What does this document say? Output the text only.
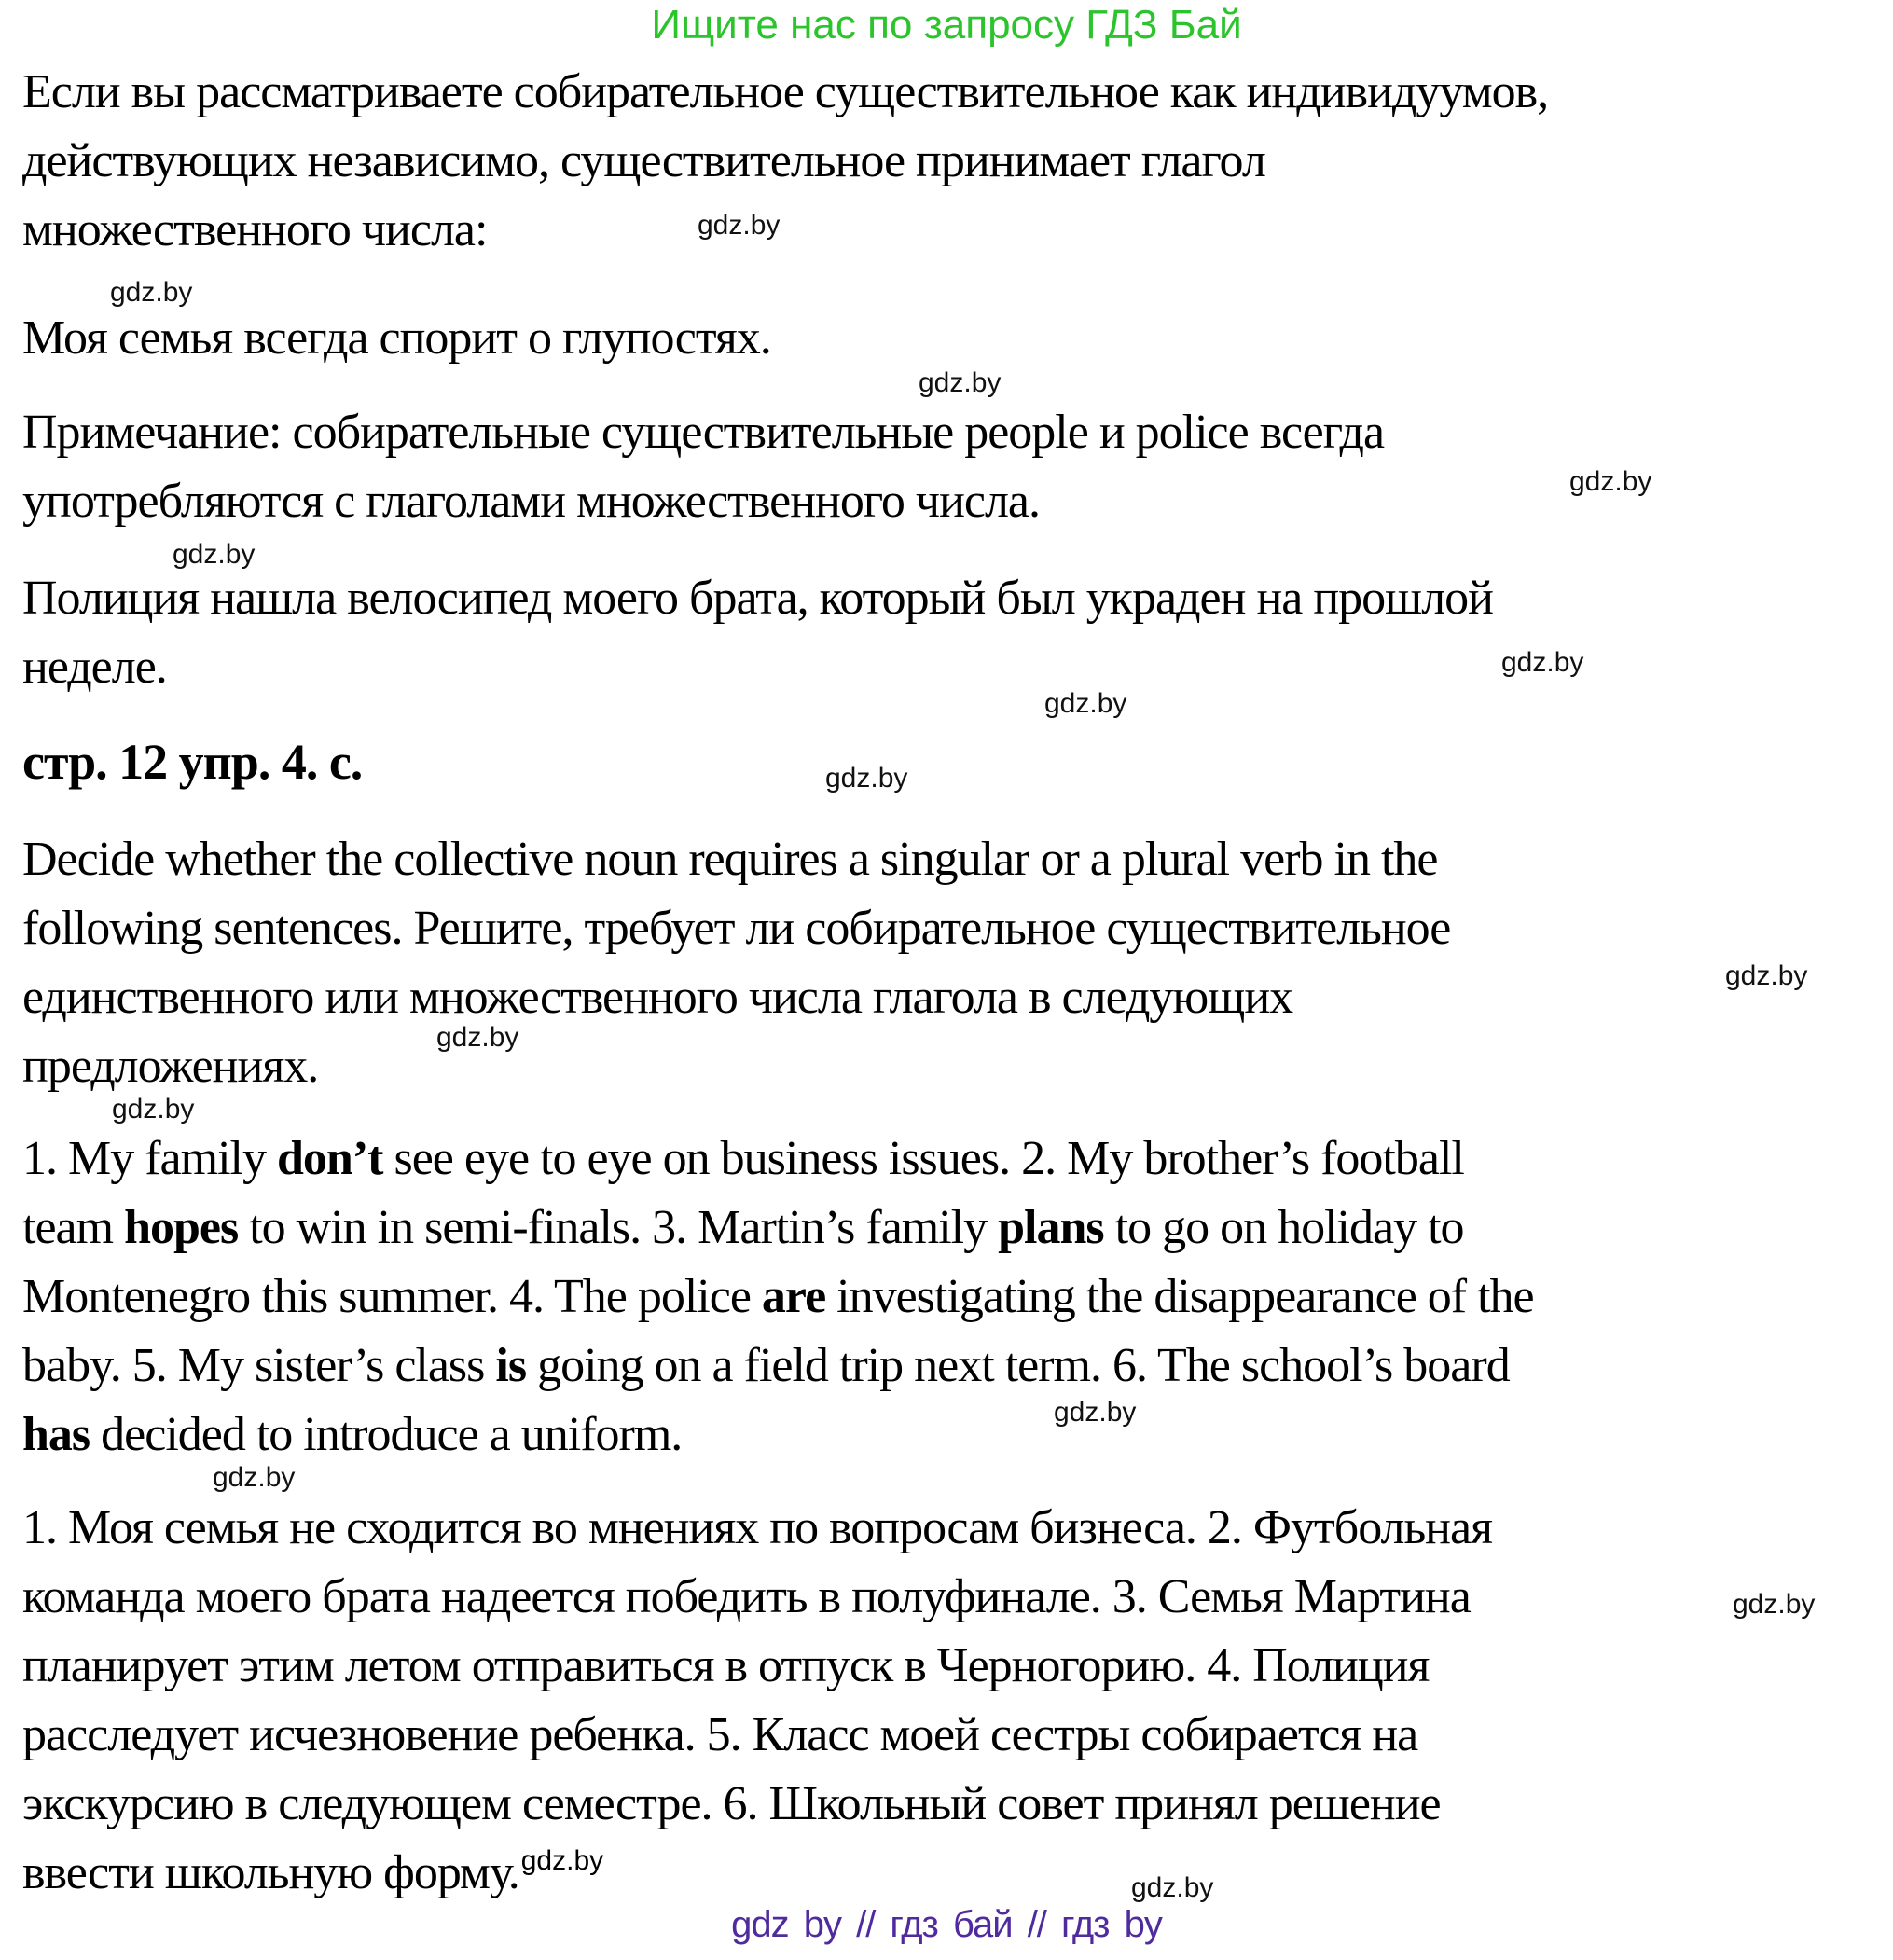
Ищите нас по запросу ГДЗ Бай
Если вы рассматриваете собирательное существительное как индивидуумов,
действующих независимо, существительное принимает глагол
множественного числа:
Моя семья всегда спорит о глупостях.
Примечание: собирательные существительные people и police всегда
употребляются с глаголами множественного числа.
Полиция нашла велосипед моего брата, который был украден на прошлой
неделе.
стр. 12 упр. 4. с.
Decide whether the collective noun requires a singular or a plural verb in the
following sentences. Решите, требует ли собирательное существительное
единственного или множественного числа глагола в следующих
предложениях.
1. My family don’t see eye to eye on business issues. 2. My brother’s football
team hopes to win in semi-finals. 3. Martin’s family plans to go on holiday to
Montenegro this summer. 4. The police are investigating the disappearance of the
baby. 5. My sister’s class is going on a field trip next term. 6. The school’s board
has decided to introduce a uniform.
1. Моя семья не сходится во мнениях по вопросам бизнеса. 2. Футбольная
команда моего брата надеется победить в полуфинале. 3. Семья Мартина
планирует этим летом отправиться в отпуск в Черногорию. 4. Полиция
расследует исчезновение ребенка. 5. Класс моей сестры собирается на
экскурсию в следующем семестре. 6. Школьный совет принял решение
ввести школьную форму.$^{gdz.by}$
gdz.by
gdz.by
gdz.by
gdz.by
gdz.by
gdz.by
gdz.by
gdz.by
gdz.by
gdz.by
gdz.by
gdz.by
gdz.by
gdz.by
gdz.by
gdz by // гдз бай // гдз by
